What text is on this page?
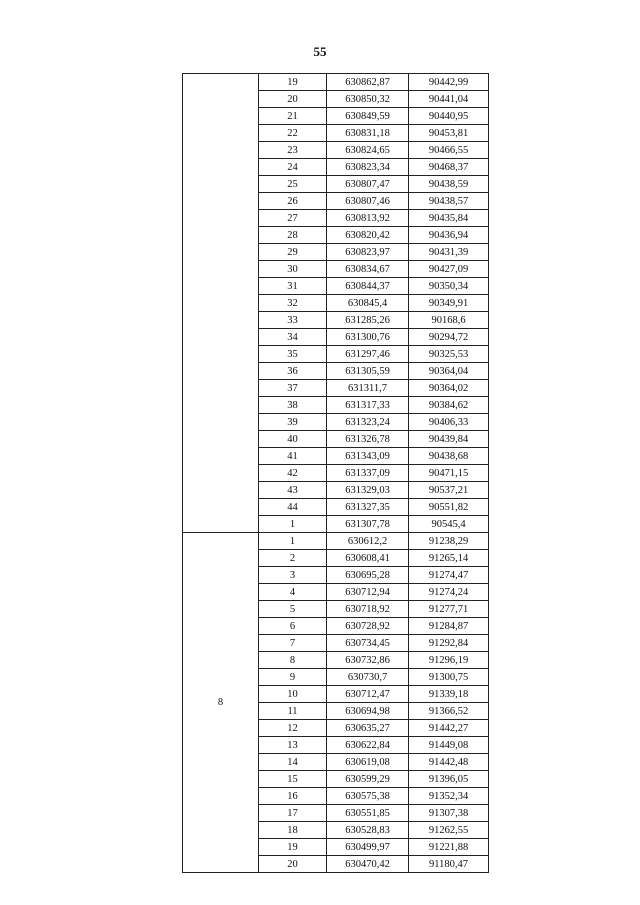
55
	19	630862,87	90442,99
	20	630850,32	90441,04
	21	630849,59	90440,95
	22	630831,18	90453,81
	23	630824,65	90466,55
	24	630823,34	90468,37
	25	630807,47	90438,59
	26	630807,46	90438,57
	27	630813,92	90435,84
	28	630820,42	90436,94
	29	630823,97	90431,39
	30	630834,67	90427,09
	31	630844,37	90350,34
	32	630845,4	90349,91
	33	631285,26	90168,6
	34	631300,76	90294,72
	35	631297,46	90325,53
	36	631305,59	90364,04
	37	631311,7	90364,02
	38	631317,33	90384,62
	39	631323,24	90406,33
	40	631326,78	90439,84
	41	631343,09	90438,68
	42	631337,09	90471,15
	43	631329,03	90537,21
	44	631327,35	90551,82
	1	631307,78	90545,4
8	1	630612,2	91238,29
	2	630608,41	91265,14
	3	630695,28	91274,47
	4	630712,94	91274,24
	5	630718,92	91277,71
	6	630728,92	91284,87
	7	630734,45	91292,84
	8	630732,86	91296,19
	9	630730,7	91300,75
	10	630712,47	91339,18
	11	630694,98	91366,52
	12	630635,27	91442,27
	13	630622,84	91449,08
	14	630619,08	91442,48
	15	630599,29	91396,05
	16	630575,38	91352,34
	17	630551,85	91307,38
	18	630528,83	91262,55
	19	630499,97	91221,88
	20	630470,42	91180,47
